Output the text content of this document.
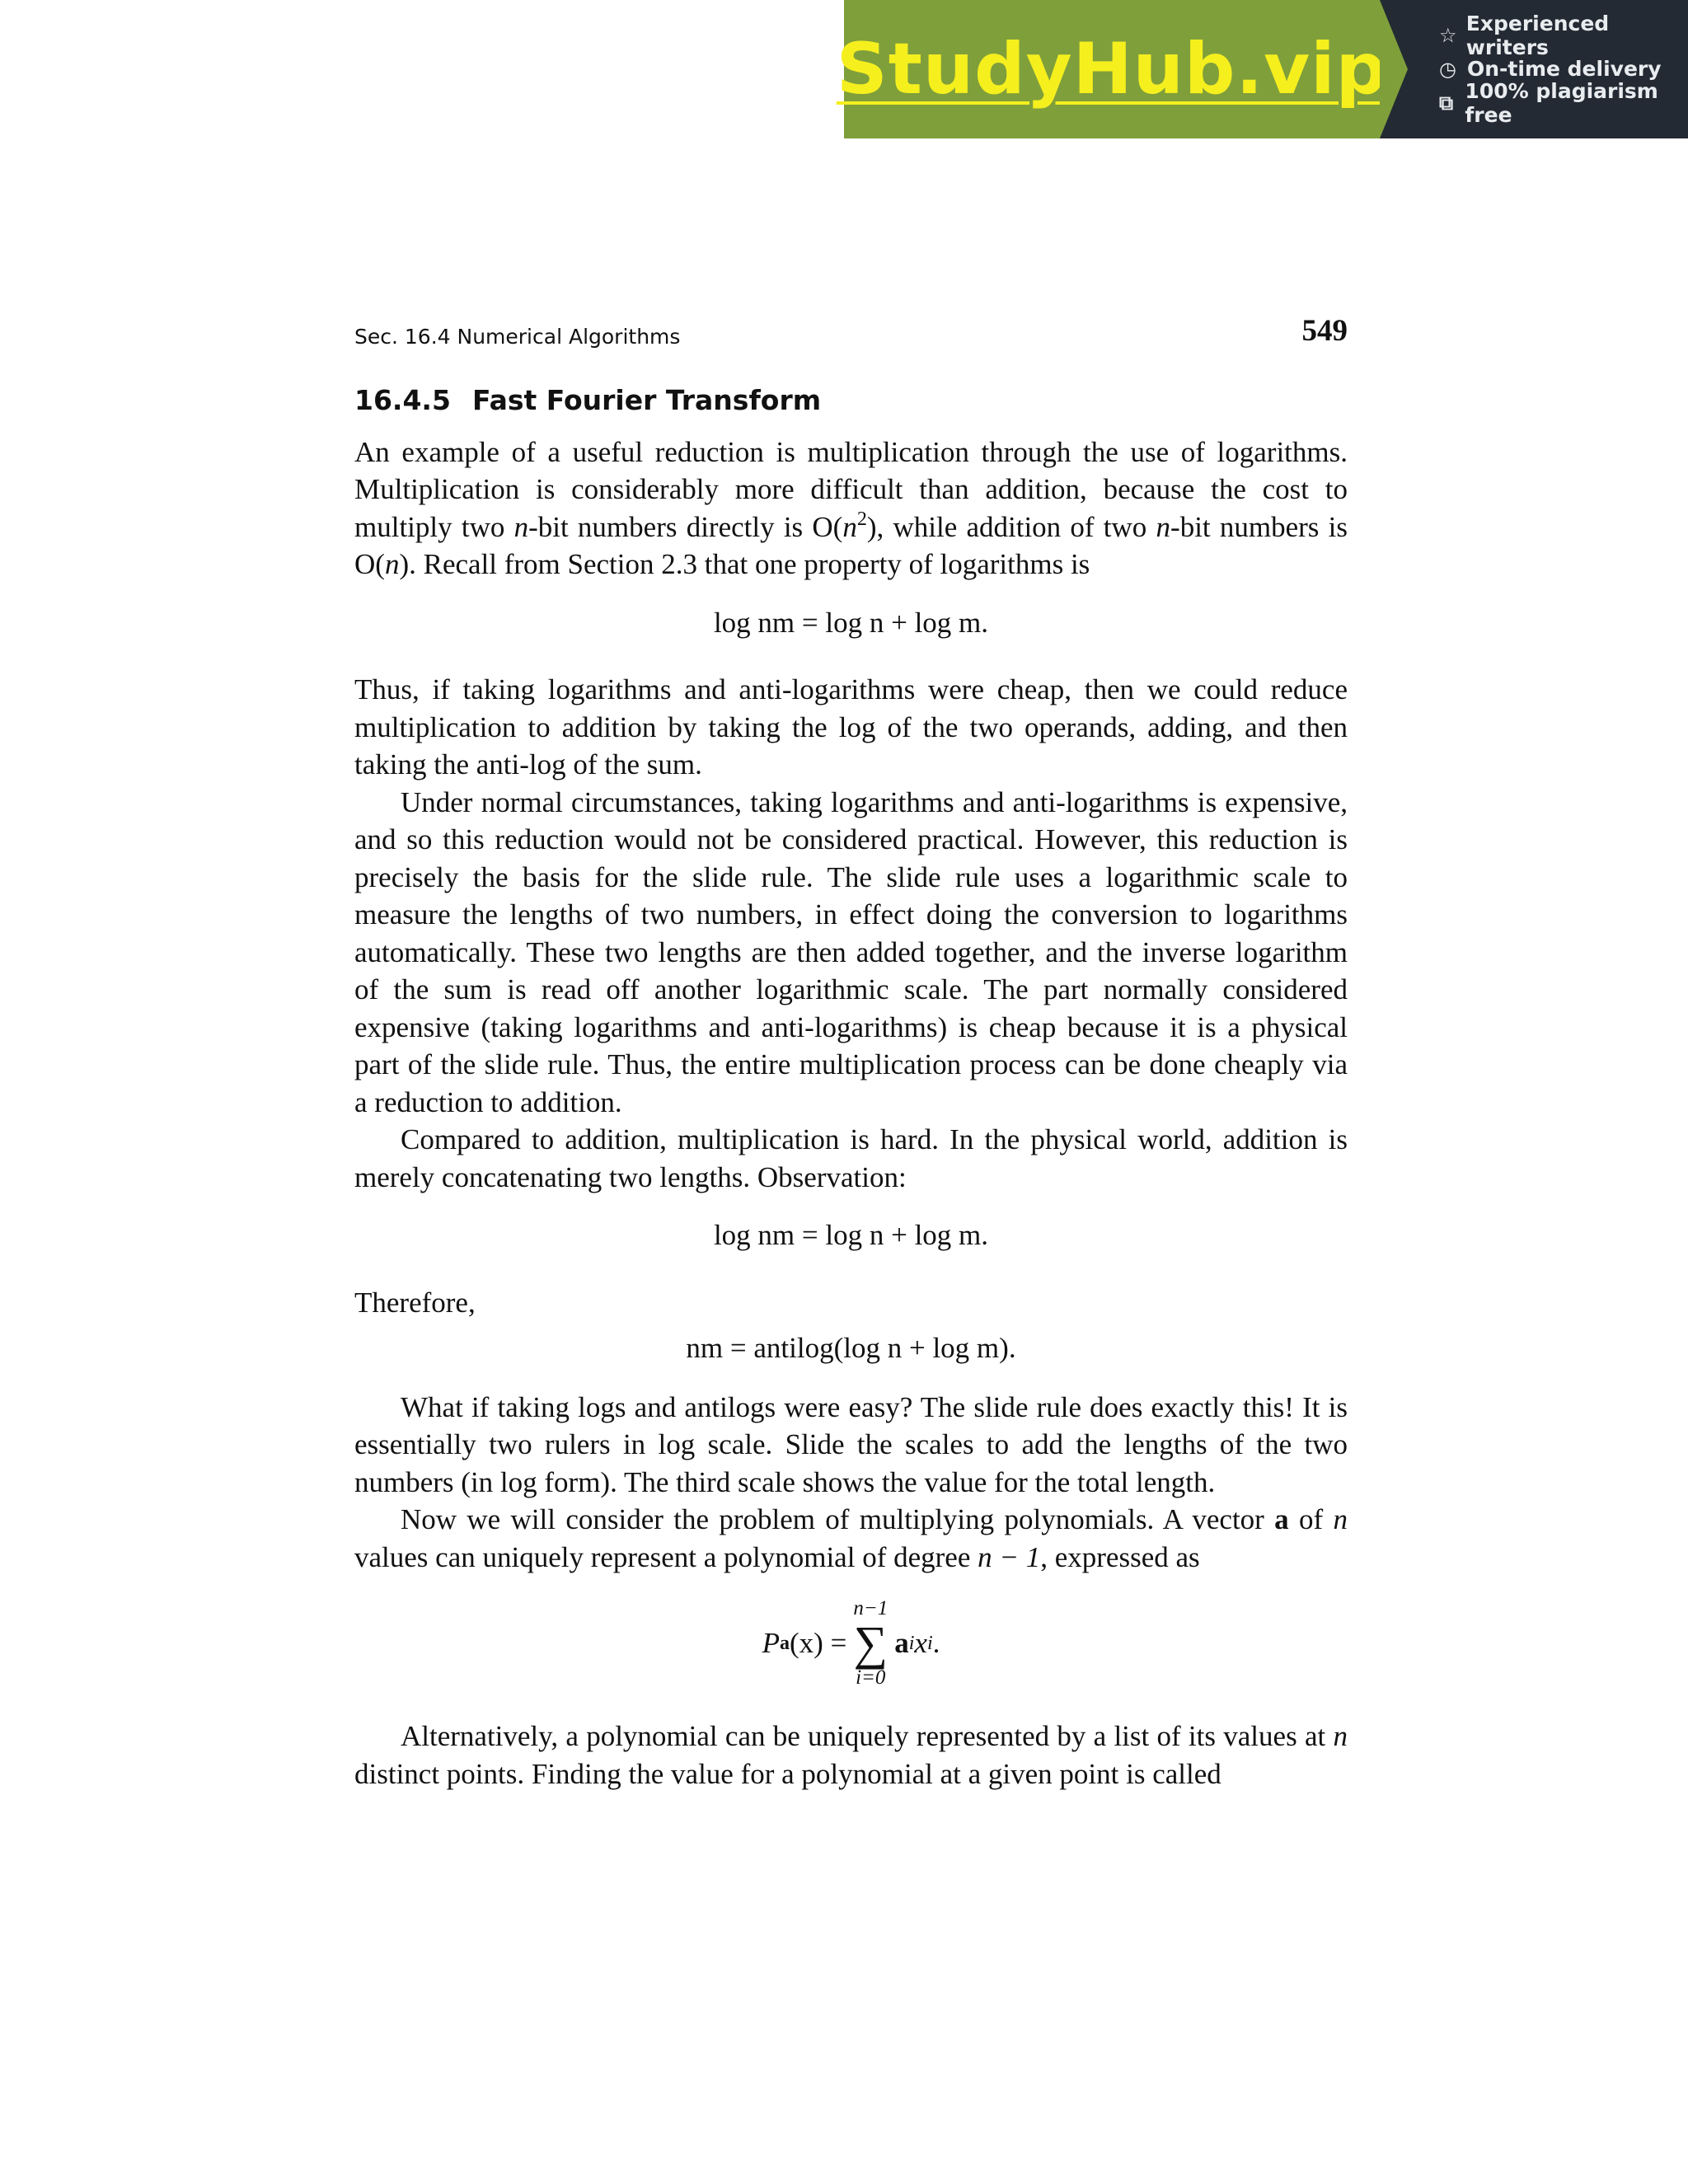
StudyHub.vip	☆ Experienced writers
◷ On-time delivery
⧉ 100% plagiarism free
Sec. 16.4 Numerical Algorithms	549
16.4.5 Fast Fourier Transform

An example of a useful reduction is multiplication through the use of logarithms. Multiplication is considerably more difficult than addition, because the cost to multiply two n-bit numbers directly is $O(n^2)$, while addition of two n-bit numbers is O(n). Recall from Section 2.3 that one property of logarithms is

log nm = log n + log m.

Thus, if taking logarithms and anti-logarithms were cheap, then we could reduce multiplication to addition by taking the log of the two operands, adding, and then taking the anti-log of the sum.

Under normal circumstances, taking logarithms and anti-logarithms is expensive, and so this reduction would not be considered practical. However, this reduction is precisely the basis for the slide rule. The slide rule uses a logarithmic scale to measure the lengths of two numbers, in effect doing the conversion to logarithms automatically. These two lengths are then added together, and the inverse logarithm of the sum is read off another logarithmic scale. The part normally considered expensive (taking logarithms and anti-logarithms) is cheap because it is a physical part of the slide rule. Thus, the entire multiplication process can be done cheaply via a reduction to addition.

Compared to addition, multiplication is hard. In the physical world, addition is merely concatenating two lengths. Observation:

log nm = log n + log m.

Therefore,

nm = antilog(log n + log m).

What if taking logs and antilogs were easy? The slide rule does exactly this! It is essentially two rulers in log scale. Slide the scales to add the lengths of the two numbers (in log form). The third scale shows the value for the total length.

Now we will consider the problem of multiplying polynomials. A vector a of n values can uniquely represent a polynomial of degree n − 1, expressed as

P a (x) =
n−1
∑
i=0
a i x i .

Alternatively, a polynomial can be uniquely represented by a list of its values at n distinct points. Finding the value for a polynomial at a given point is called
